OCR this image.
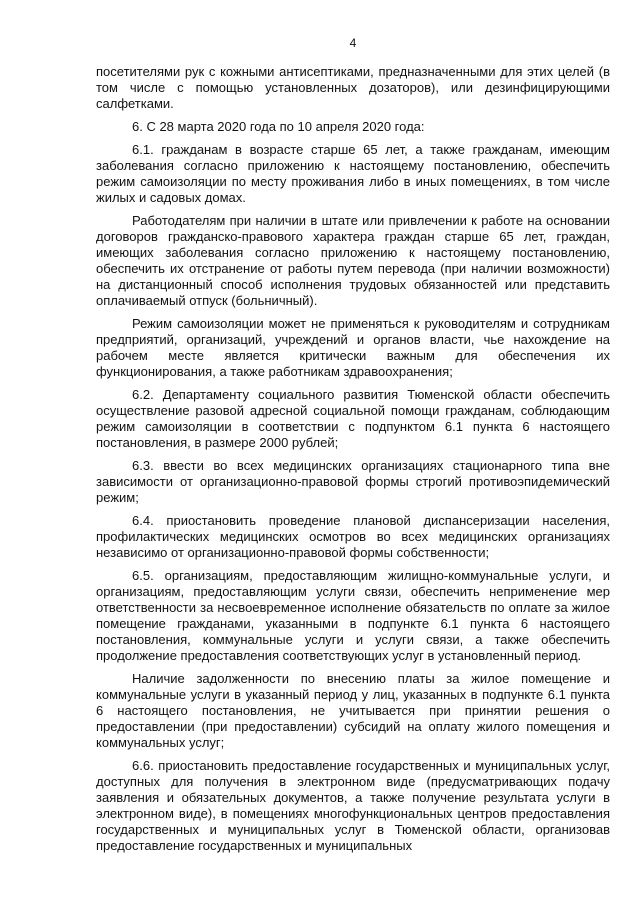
4

посетителями рук с кожными антисептиками, предназначенными для этих целей (в том числе с помощью установленных дозаторов), или дезинфицирующими салфетками.

6. С 28 марта 2020 года по 10 апреля 2020 года:

6.1. гражданам в возрасте старше 65 лет, а также гражданам, имеющим заболевания согласно приложению к настоящему постановлению, обеспечить режим самоизоляции по месту проживания либо в иных помещениях, в том числе жилых и садовых домах.

Работодателям при наличии в штате или привлечении к работе на основании договоров гражданско-правового характера граждан старше 65 лет, граждан, имеющих заболевания согласно приложению к настоящему постановлению, обеспечить их отстранение от работы путем перевода (при наличии возможности) на дистанционный способ исполнения трудовых обязанностей или представить оплачиваемый отпуск (больничный).

Режим самоизоляции может не применяться к руководителям и сотрудникам предприятий, организаций, учреждений и органов власти, чье нахождение на рабочем месте является критически важным для обеспечения их функционирования, а также работникам здравоохранения;

6.2. Департаменту социального развития Тюменской области обеспечить осуществление разовой адресной социальной помощи гражданам, соблюдающим режим самоизоляции в соответствии с подпунктом 6.1 пункта 6 настоящего постановления, в размере 2000 рублей;

6.3. ввести во всех медицинских организациях стационарного типа вне зависимости от организационно-правовой формы строгий противоэпидемический режим;

6.4. приостановить проведение плановой диспансеризации населения, профилактических медицинских осмотров во всех медицинских организациях независимо от организационно-правовой формы собственности;

6.5. организациям, предоставляющим жилищно-коммунальные услуги, и организациям, предоставляющим услуги связи, обеспечить неприменение мер ответственности за несвоевременное исполнение обязательств по оплате за жилое помещение гражданами, указанными в подпункте 6.1 пункта 6 настоящего постановления, коммунальные услуги и услуги связи, а также обеспечить продолжение предоставления соответствующих услуг в установленный период.

Наличие задолженности по внесению платы за жилое помещение и коммунальные услуги в указанный период у лиц, указанных в подпункте 6.1 пункта 6 настоящего постановления, не учитывается при принятии решения о предоставлении (при предоставлении) субсидий на оплату жилого помещения и коммунальных услуг;

6.6. приостановить предоставление государственных и муниципальных услуг, доступных для получения в электронном виде (предусматривающих подачу заявления и обязательных документов, а также получение результата услуги в электронном виде), в помещениях многофункциональных центров предоставления государственных и муниципальных услуг в Тюменской области, организовав предоставление государственных и муниципальных
